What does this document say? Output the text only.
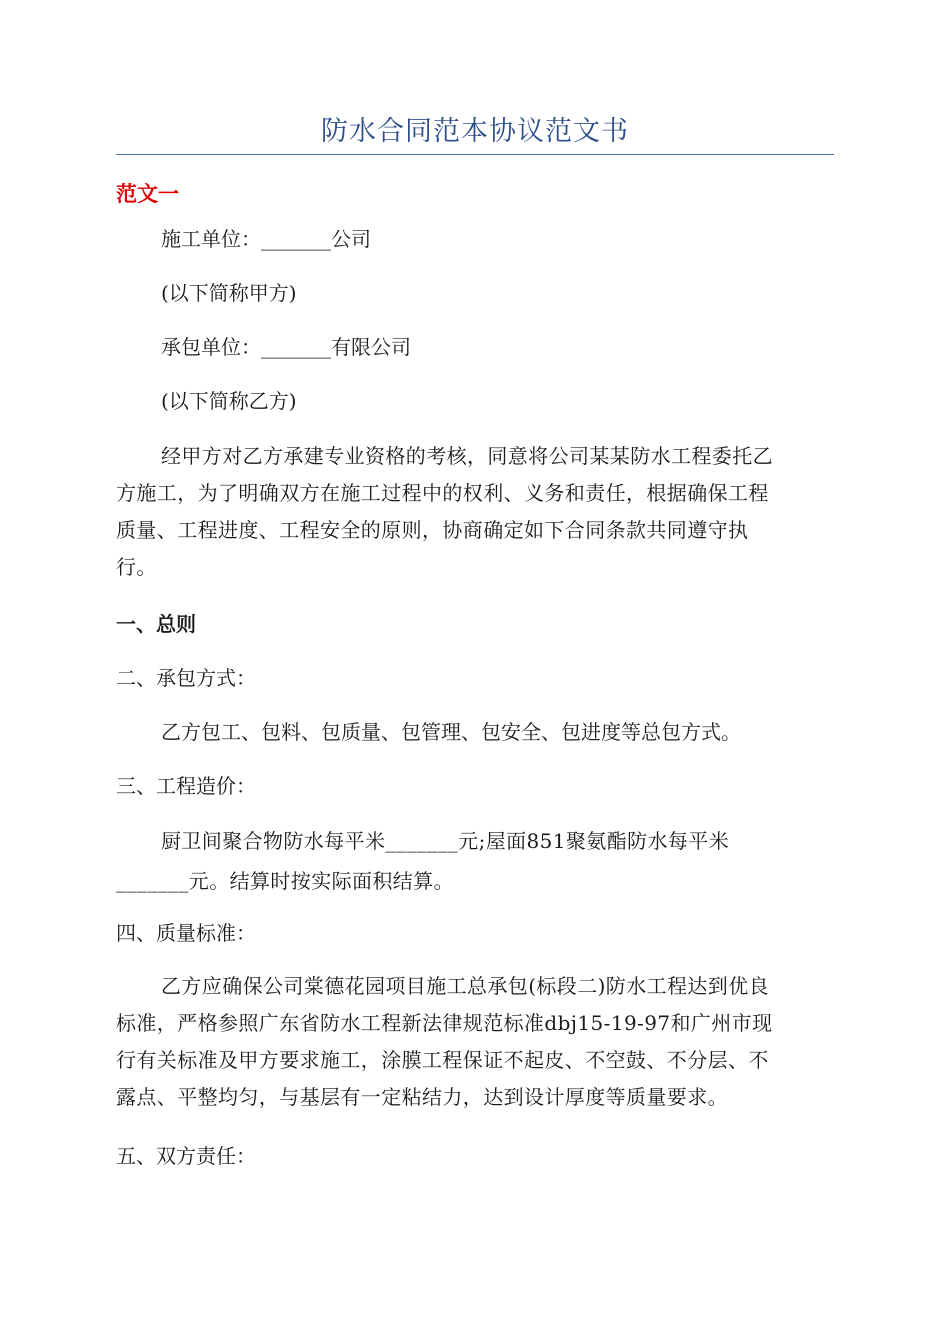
防水合同范本协议范文书
范文一
施工单位：_______公司
(以下简称甲方)
承包单位：_______有限公司
(以下简称乙方)
经甲方对乙方承建专业资格的考核，同意将公司某某防水工程委托乙
方施工，为了明确双方在施工过程中的权利、义务和责任，根据确保工程
质量、工程进度、工程安全的原则，协商确定如下合同条款共同遵守执
行。
一、总则
二、承包方式：
乙方包工、包料、包质量、包管理、包安全、包进度等总包方式。
三、工程造价：
厨卫间聚合物防水每平米_______元;屋面851聚氨酯防水每平米
_______元。结算时按实际面积结算。
四、质量标准：
乙方应确保公司棠德花园项目施工总承包(标段二)防水工程达到优良
标准，严格参照广东省防水工程新法律规范标准dbj15-19-97和广州市现
行有关标准及甲方要求施工，涂膜工程保证不起皮、不空鼓、不分层、不
露点、平整均匀，与基层有一定粘结力，达到设计厚度等质量要求。
五、双方责任：
